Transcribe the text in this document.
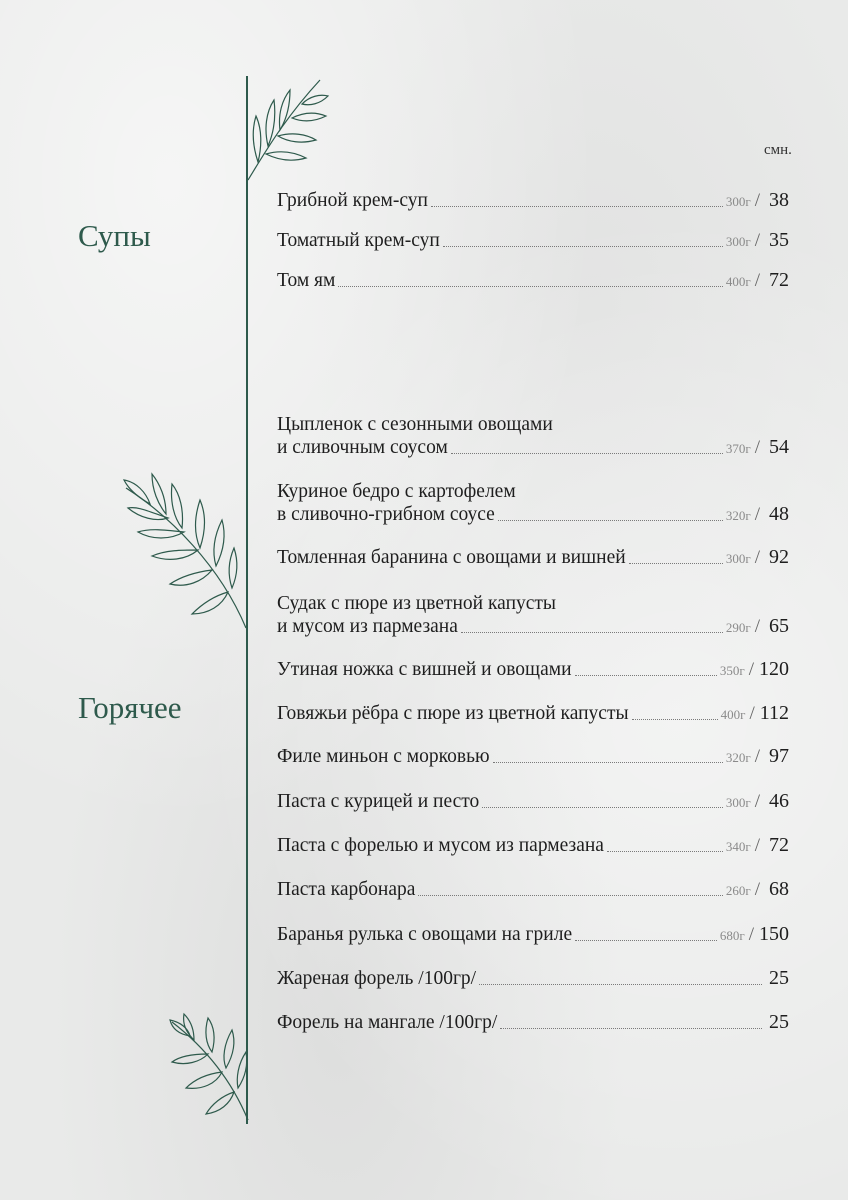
смн.
Супы
Горячее
Грибной крем-суп	300г / 38
Томатный крем-суп	300г / 35
Том ям	400г / 72
Цыпленок с сезонными овощами
и сливочным соусом	370г / 54
Куриное бедро с картофелем
в сливочно-грибном соусе	320г / 48
Томленная баранина с овощами и вишней	300г / 92
Судак с пюре из цветной капусты
и мусом из пармезана	290г / 65
Утиная ножка с вишней и овощами	350г / 120
Говяжьи рёбра с пюре из цветной капусты	400г / 112
Филе миньон с морковью	320г / 97
Паста с курицей и песто	300г / 46
Паста с форелью и мусом из пармезана	340г / 72
Паста карбонара	260г / 68
Баранья рулька с овощами на гриле	680г / 150
Жареная форель /100гр/	25
Форель на мангале /100гр/	25
